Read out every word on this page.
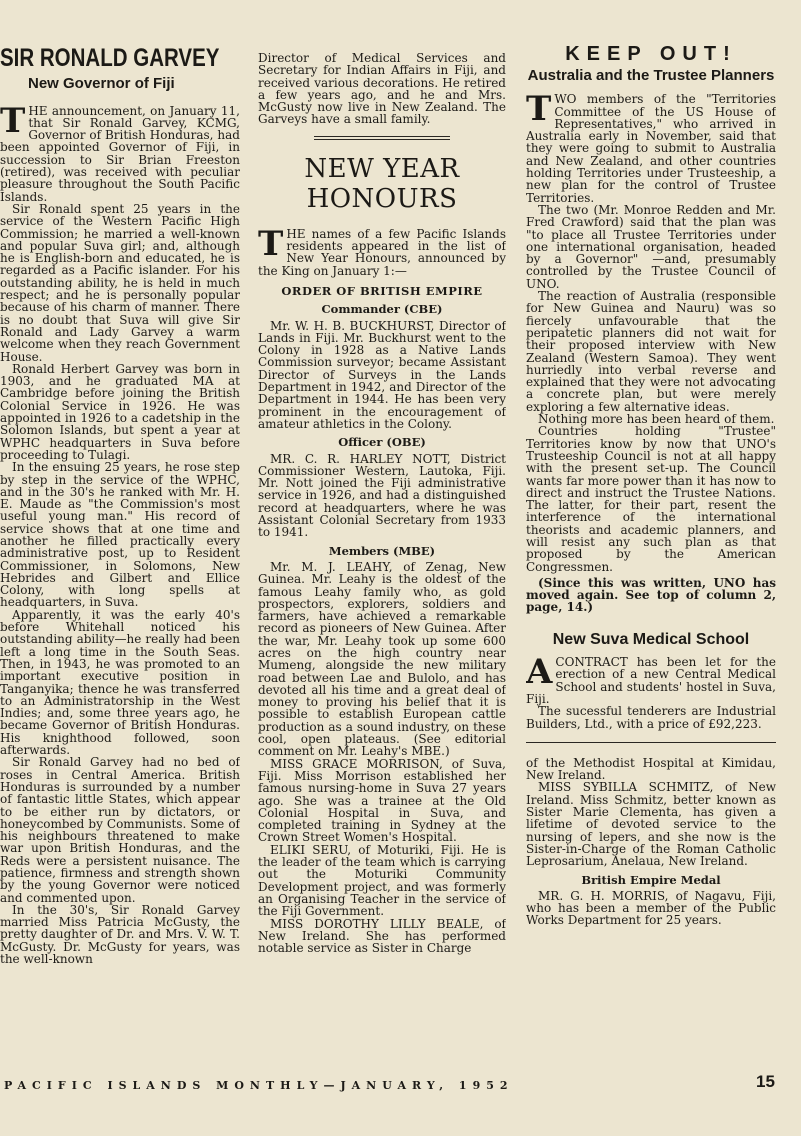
SIR RONALD GARVEY
New Governor of Fiji

THE announcement, on January 11, that Sir Ronald Garvey, KCMG, Governor of British Honduras, had been appointed Governor of Fiji, in succession to Sir Brian Freeston (retired), was received with peculiar pleasure throughout the South Pacific Islands.

Sir Ronald spent 25 years in the service of the Western Pacific High Commission; he married a well-known and popular Suva girl; and, although he is English-born and educated, he is regarded as a Pacific islander. For his outstanding ability, he is held in much respect; and he is personally popular because of his charm of manner. There is no doubt that Suva will give Sir Ronald and Lady Garvey a warm welcome when they reach Government House.

Ronald Herbert Garvey was born in 1903, and he graduated MA at Cambridge before joining the British Colonial Service in 1926. He was appointed in 1926 to a cadetship in the Solomon Islands, but spent a year at WPHC headquarters in Suva before proceeding to Tulagi.

In the ensuing 25 years, he rose step by step in the service of the WPHC, and in the 30's he ranked with Mr. H. E. Maude as "the Commission's most useful young man." His record of service shows that at one time and another he filled practically every administrative post, up to Resident Commissioner, in Solomons, New Hebrides and Gilbert and Ellice Colony, with long spells at headquarters, in Suva.

Apparently, it was the early 40's before Whitehall noticed his outstanding ability—he really had been left a long time in the South Seas. Then, in 1943, he was promoted to an important executive position in Tanganyika; thence he was transferred to an Administratorship in the West Indies; and, some three years ago, he became Governor of British Honduras. His knighthood followed, soon afterwards.

Sir Ronald Garvey had no bed of roses in Central America. British Honduras is surrounded by a number of fantastic little States, which appear to be either run by dictators, or honeycombed by Communists. Some of his neighbours threatened to make war upon British Honduras, and the Reds were a persistent nuisance. The patience, firmness and strength shown by the young Governor were noticed and commented upon.

In the 30's, Sir Ronald Garvey married Miss Patricia McGusty, the pretty daughter of Dr. and Mrs. V. W. T. McGusty. Dr. McGusty for years, was the well-known

Director of Medical Services and Secretary for Indian Affairs in Fiji, and received various decorations. He retired a few years ago, and he and Mrs. McGusty now live in New Zealand. The Garveys have a small family.

NEW YEAR HONOURS

THE names of a few Pacific Islands residents appeared in the list of New Year Honours, announced by the King on January 1:—

ORDER OF BRITISH EMPIRE
Commander (CBE)

Mr. W. H. B. BUCKHURST, Director of Lands in Fiji. Mr. Buckhurst went to the Colony in 1928 as a Native Lands Commission surveyor; became Assistant Director of Surveys in the Lands Department in 1942, and Director of the Department in 1944. He has been very prominent in the encouragement of amateur athletics in the Colony.

Officer (OBE)

MR. C. R. HARLEY NOTT, District Commissioner Western, Lautoka, Fiji. Mr. Nott joined the Fiji administrative service in 1926, and had a distinguished record at headquarters, where he was Assistant Colonial Secretary from 1933 to 1941.

Members (MBE)

Mr. M. J. LEAHY, of Zenag, New Guinea. Mr. Leahy is the oldest of the famous Leahy family who, as gold prospectors, explorers, soldiers and farmers, have achieved a remarkable record as pioneers of New Guinea. After the war, Mr. Leahy took up some 600 acres on the high country near Mumeng, alongside the new military road between Lae and Bulolo, and has devoted all his time and a great deal of money to proving his belief that it is possible to establish European cattle production as a sound industry, on these cool, open plateaus. (See editorial comment on Mr. Leahy's MBE.)

MISS GRACE MORRISON, of Suva, Fiji. Miss Morrison established her famous nursing-home in Suva 27 years ago. She was a trainee at the Old Colonial Hospital in Suva, and completed training in Sydney at the Crown Street Women's Hospital.

ELIKI SERU, of Moturiki, Fiji. He is the leader of the team which is carrying out the Moturiki Community Development project, and was formerly an Organising Teacher in the service of the Fiji Government.

MISS DOROTHY LILLY BEALE, of New Ireland. She has performed notable service as Sister in Charge

KEEP OUT!
Australia and the Trustee Planners

TWO members of the "Territories Committee of the US House of Representatives," who arrived in Australia early in November, said that they were going to submit to Australia and New Zealand, and other countries holding Territories under Trusteeship, a new plan for the control of Trustee Territories.

The two (Mr. Monroe Redden and Mr. Fred Crawford) said that the plan was "to place all Trustee Territories under one international organisation, headed by a Governor" —and, presumably controlled by the Trustee Council of UNO.

The reaction of Australia (responsible for New Guinea and Nauru) was so fiercely unfavourable that the peripatetic planners did not wait for their proposed interview with New Zealand (Western Samoa). They went hurriedly into verbal reverse and explained that they were not advocating a concrete plan, but were merely exploring a few alternative ideas.

Nothing more has been heard of them.

Countries holding "Trustee" Territories know by now that UNO's Trusteeship Council is not at all happy with the present set-up. The Council wants far more power than it has now to direct and instruct the Trustee Nations. The latter, for their part, resent the interference of the international theorists and academic planners, and will resist any such plan as that proposed by the American Congressmen.

(Since this was written, UNO has moved again. See top of column 2, page, 14.)

New Suva Medical School

ACONTRACT has been let for the erection of a new Central Medical School and students' hostel in Suva, Fiji.

The sucessful tenderers are Industrial Builders, Ltd., with a price of £92,223.

of the Methodist Hospital at Kimidau, New Ireland.

MISS SYBILLA SCHMITZ, of New Ireland. Miss Schmitz, better known as Sister Marie Clementa, has given a lifetime of devoted service to the nursing of lepers, and she now is the Sister-in-Charge of the Roman Catholic Leprosarium, Anelaua, New Ireland.

British Empire Medal

MR. G. H. MORRIS, of Nagavu, Fiji, who has been a member of the Public Works Department for 25 years.

PACIFIC ISLANDS MONTHLY—JANUARY, 1952	15
